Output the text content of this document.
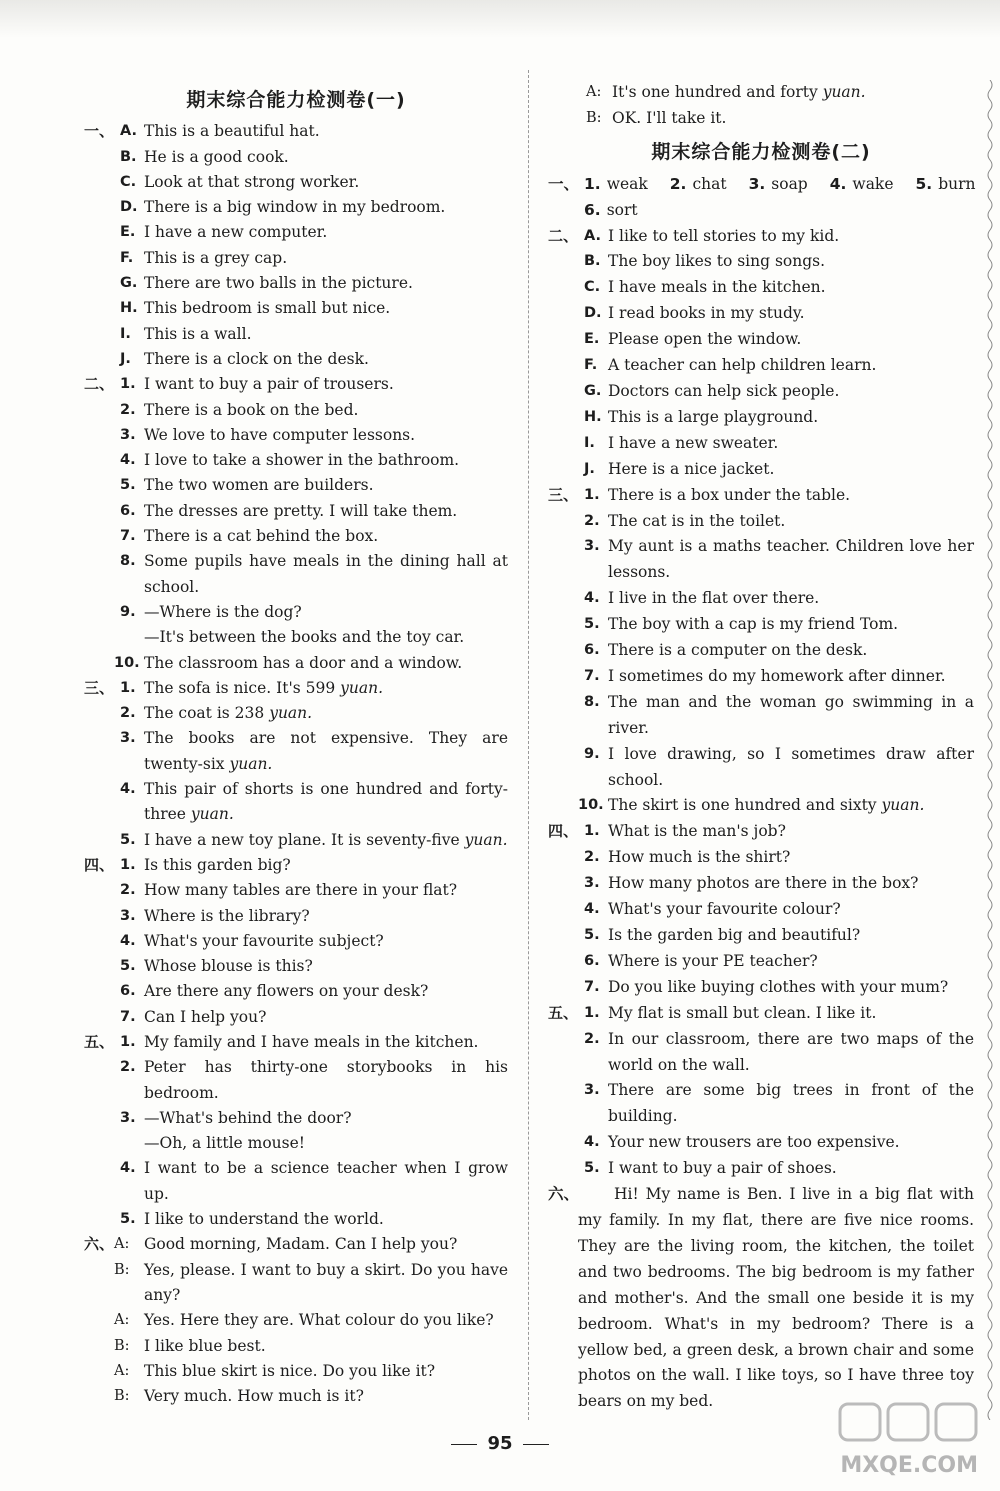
期末综合能力检测卷(一)
一、 A. This is a beautiful hat.
B. He is a good cook.
C. Look at that strong worker.
D. There is a big window in my bedroom.
E. I have a new computer.
F. This is a grey cap.
G. There are two balls in the picture.
H. This bedroom is small but nice.
I. This is a wall.
J. There is a clock on the desk.
二、 1. I want to buy a pair of trousers.
2. There is a book on the bed.
3. We love to have computer lessons.
4. I love to take a shower in the bathroom.
5. The two women are builders.
6. The dresses are pretty. I will take them.
7. There is a cat behind the box.
8. Some pupils have meals in the dining hall at school.
9. —Where is the dog?
—It's between the books and the toy car.
10. The classroom has a door and a window.
三、 1. The sofa is nice. It's 599 yuan.
2. The coat is 238 yuan.
3. The books are not expensive. They are twenty-six yuan.
4. This pair of shorts is one hundred and forty-three yuan.
5. I have a new toy plane. It is seventy-five yuan.
四、 1. Is this garden big?
2. How many tables are there in your flat?
3. Where is the library?
4. What's your favourite subject?
5. Whose blouse is this?
6. Are there any flowers on your desk?
7. Can I help you?
五、 1. My family and I have meals in the kitchen.
2. Peter has thirty-one storybooks in his bedroom.
3. —What's behind the door?
—Oh, a little mouse!
4. I want to be a science teacher when I grow up.
5. I like to understand the world.
六、 A: Good morning, Madam. Can I help you?
B: Yes, please. I want to buy a skirt. Do you have any?
A: Yes. Here they are. What colour do you like?
B: I like blue best.
A: This blue skirt is nice. Do you like it?
B: Very much. How much is it?
A: It's one hundred and forty yuan.
B: OK. I'll take it.
期末综合能力检测卷(二)
一、 1. weak 2. chat 3. soap 4. wake 5. burn
6. sort
二、 A. I like to tell stories to my kid.
B. The boy likes to sing songs.
C. I have meals in the kitchen.
D. I read books in my study.
E. Please open the window.
F. A teacher can help children learn.
G. Doctors can help sick people.
H. This is a large playground.
I. I have a new sweater.
J. Here is a nice jacket.
三、 1. There is a box under the table.
2. The cat is in the toilet.
3. My aunt is a maths teacher. Children love her lessons.
4. I live in the flat over there.
5. The boy with a cap is my friend Tom.
6. There is a computer on the desk.
7. I sometimes do my homework after dinner.
8. The man and the woman go swimming in a river.
9. I love drawing, so I sometimes draw after school.
10. The skirt is one hundred and sixty yuan.
四、 1. What is the man's job?
2. How much is the shirt?
3. How many photos are there in the box?
4. What's your favourite colour?
5. Is the garden big and beautiful?
6. Where is your PE teacher?
7. Do you like buying clothes with your mum?
五、 1. My flat is small but clean. I like it.
2. In our classroom, there are two maps of the world on the wall.
3. There are some big trees in front of the building.
4. Your new trousers are too expensive.
5. I want to buy a pair of shoes.
六、 Hi! My name is Ben. I live in a big flat with my family. In my flat, there are five nice rooms. They are the living room, the kitchen, the toilet and two bedrooms. The big bedroom is my father and mother's. And the small one beside it is my bedroom. What's in my bedroom? There is a yellow bed, a green desk, a brown chair and some photos on the wall. I like toys, so I have three toy bears on my bed.
95
MXQE.COM
